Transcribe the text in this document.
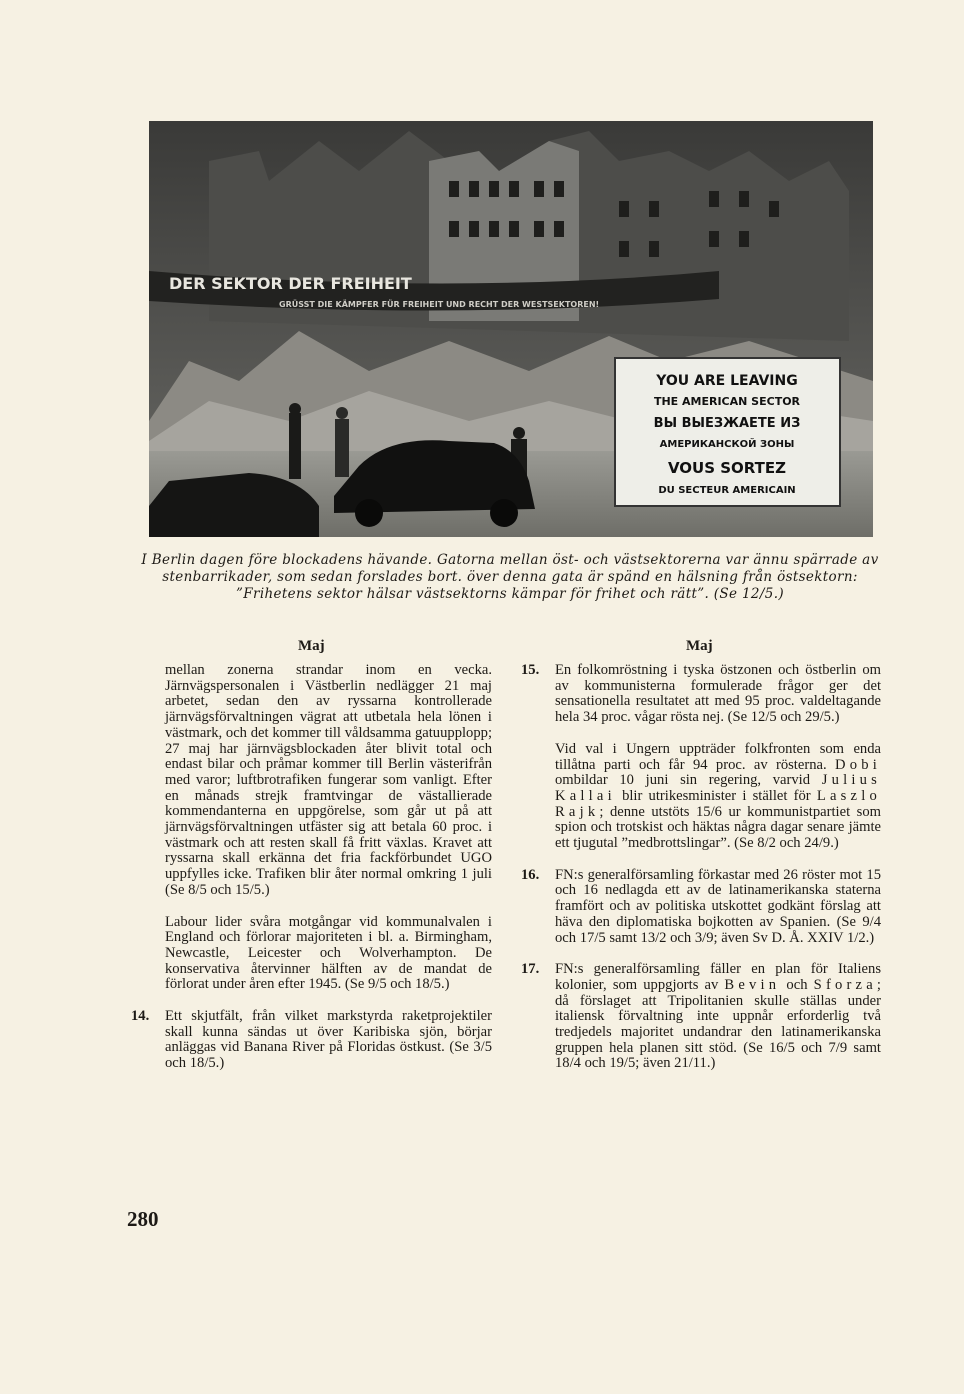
DER SEKTOR DER FREIHEIT
GRÜSST DIE KÄMPFER FÜR FREIHEIT UND RECHT DER WESTSEKTOREN!
YOU ARE LEAVING
THE AMERICAN SECTOR
ВЫ ВЫЕЗЖАЕТЕ ИЗ
АМЕРИКАНСКОЙ ЗОНЫ
VOUS SORTEZ
DU SECTEUR AMERICAIN
I Berlin dagen före blockadens hävande. Gatorna mellan öst- och västsektorerna var ännu spärrade av stenbarrikader, som sedan forslades bort. över denna gata är spänd en hälsning från östsektorn: ”Frihetens sektor hälsar västsektorns kämpar för frihet och rätt”. (Se 12/5.)
Maj

mellan zonerna strandar inom en vecka. Järnvägspersonalen i Västberlin nedlägger 21 maj arbetet, sedan den av ryssarna kontrollerade järnvägsförvaltningen vägrat att utbetala hela lönen i västmark, och det kommer till våldsamma gatuupplopp; 27 maj har järnvägsblockaden åter blivit total och endast bilar och pråmar kommer till Berlin västerifrån med varor; luftbrotrafiken fungerar som vanligt. Efter en månads strejk framtvingar de västallierade kommendanterna en uppgörelse, som går ut på att järnvägsförvaltningen utfäster sig att betala 60 proc. i västmark och att resten skall få fritt växlas. Kravet att ryssarna skall erkänna det fria fackförbundet UGO uppfylles icke. Trafiken blir åter normal omkring 1 juli (Se 8/5 och 15/5.)

Labour lider svåra motgångar vid kommunalvalen i England och förlorar majoriteten i bl. a. Birmingham, Newcastle, Leicester och Wolverhampton. De konservativa återvinner hälften av de mandat de förlorat under åren efter 1945. (Se 9/5 och 18/5.)

14. Ett skjutfält, från vilket markstyrda raketprojektiler skall kunna sändas ut över Karibiska sjön, börjar anläggas vid Banana River på Floridas östkust. (Se 3/5 och 18/5.)

Maj
15. En folkomröstning i tyska östzonen och östberlin om av kommunisterna formulerade frågor ger det sensationella resultatet att med 95 proc. valdeltagande hela 34 proc. vågar rösta nej. (Se 12/5 och 29/5.)

Vid val i Ungern uppträder folkfronten som enda tillåtna parti och får 94 proc. av rösterna. Dobi ombildar 10 juni sin regering, varvid Julius Kallai blir utrikesminister i stället för Laszlo Rajk; denne utstöts 15/6 ur kommunistpartiet som spion och trotskist och häktas några dagar senare jämte ett tjugutal ”medbrottslingar”. (Se 8/2 och 24/9.)

16. FN:s generalförsamling förkastar med 26 röster mot 15 och 16 nedlagda ett av de latinamerikanska staterna framfört och av politiska utskottet godkänt förslag att häva den diplomatiska bojkotten av Spanien. (Se 9/4 och 17/5 samt 13/2 och 3/9; även Sv D. Å. XXIV 1/2.)

17. FN:s generalförsamling fäller en plan för Italiens kolonier, som uppgjorts av Bevin och Sforza; då förslaget att Tripolitanien skulle ställas under italiensk förvaltning inte uppnår erforderlig två tredjedels majoritet undandrar den latinamerikanska gruppen hela planen sitt stöd. (Se 16/5 och 7/9 samt 18/4 och 19/5; även 21/11.)

280
